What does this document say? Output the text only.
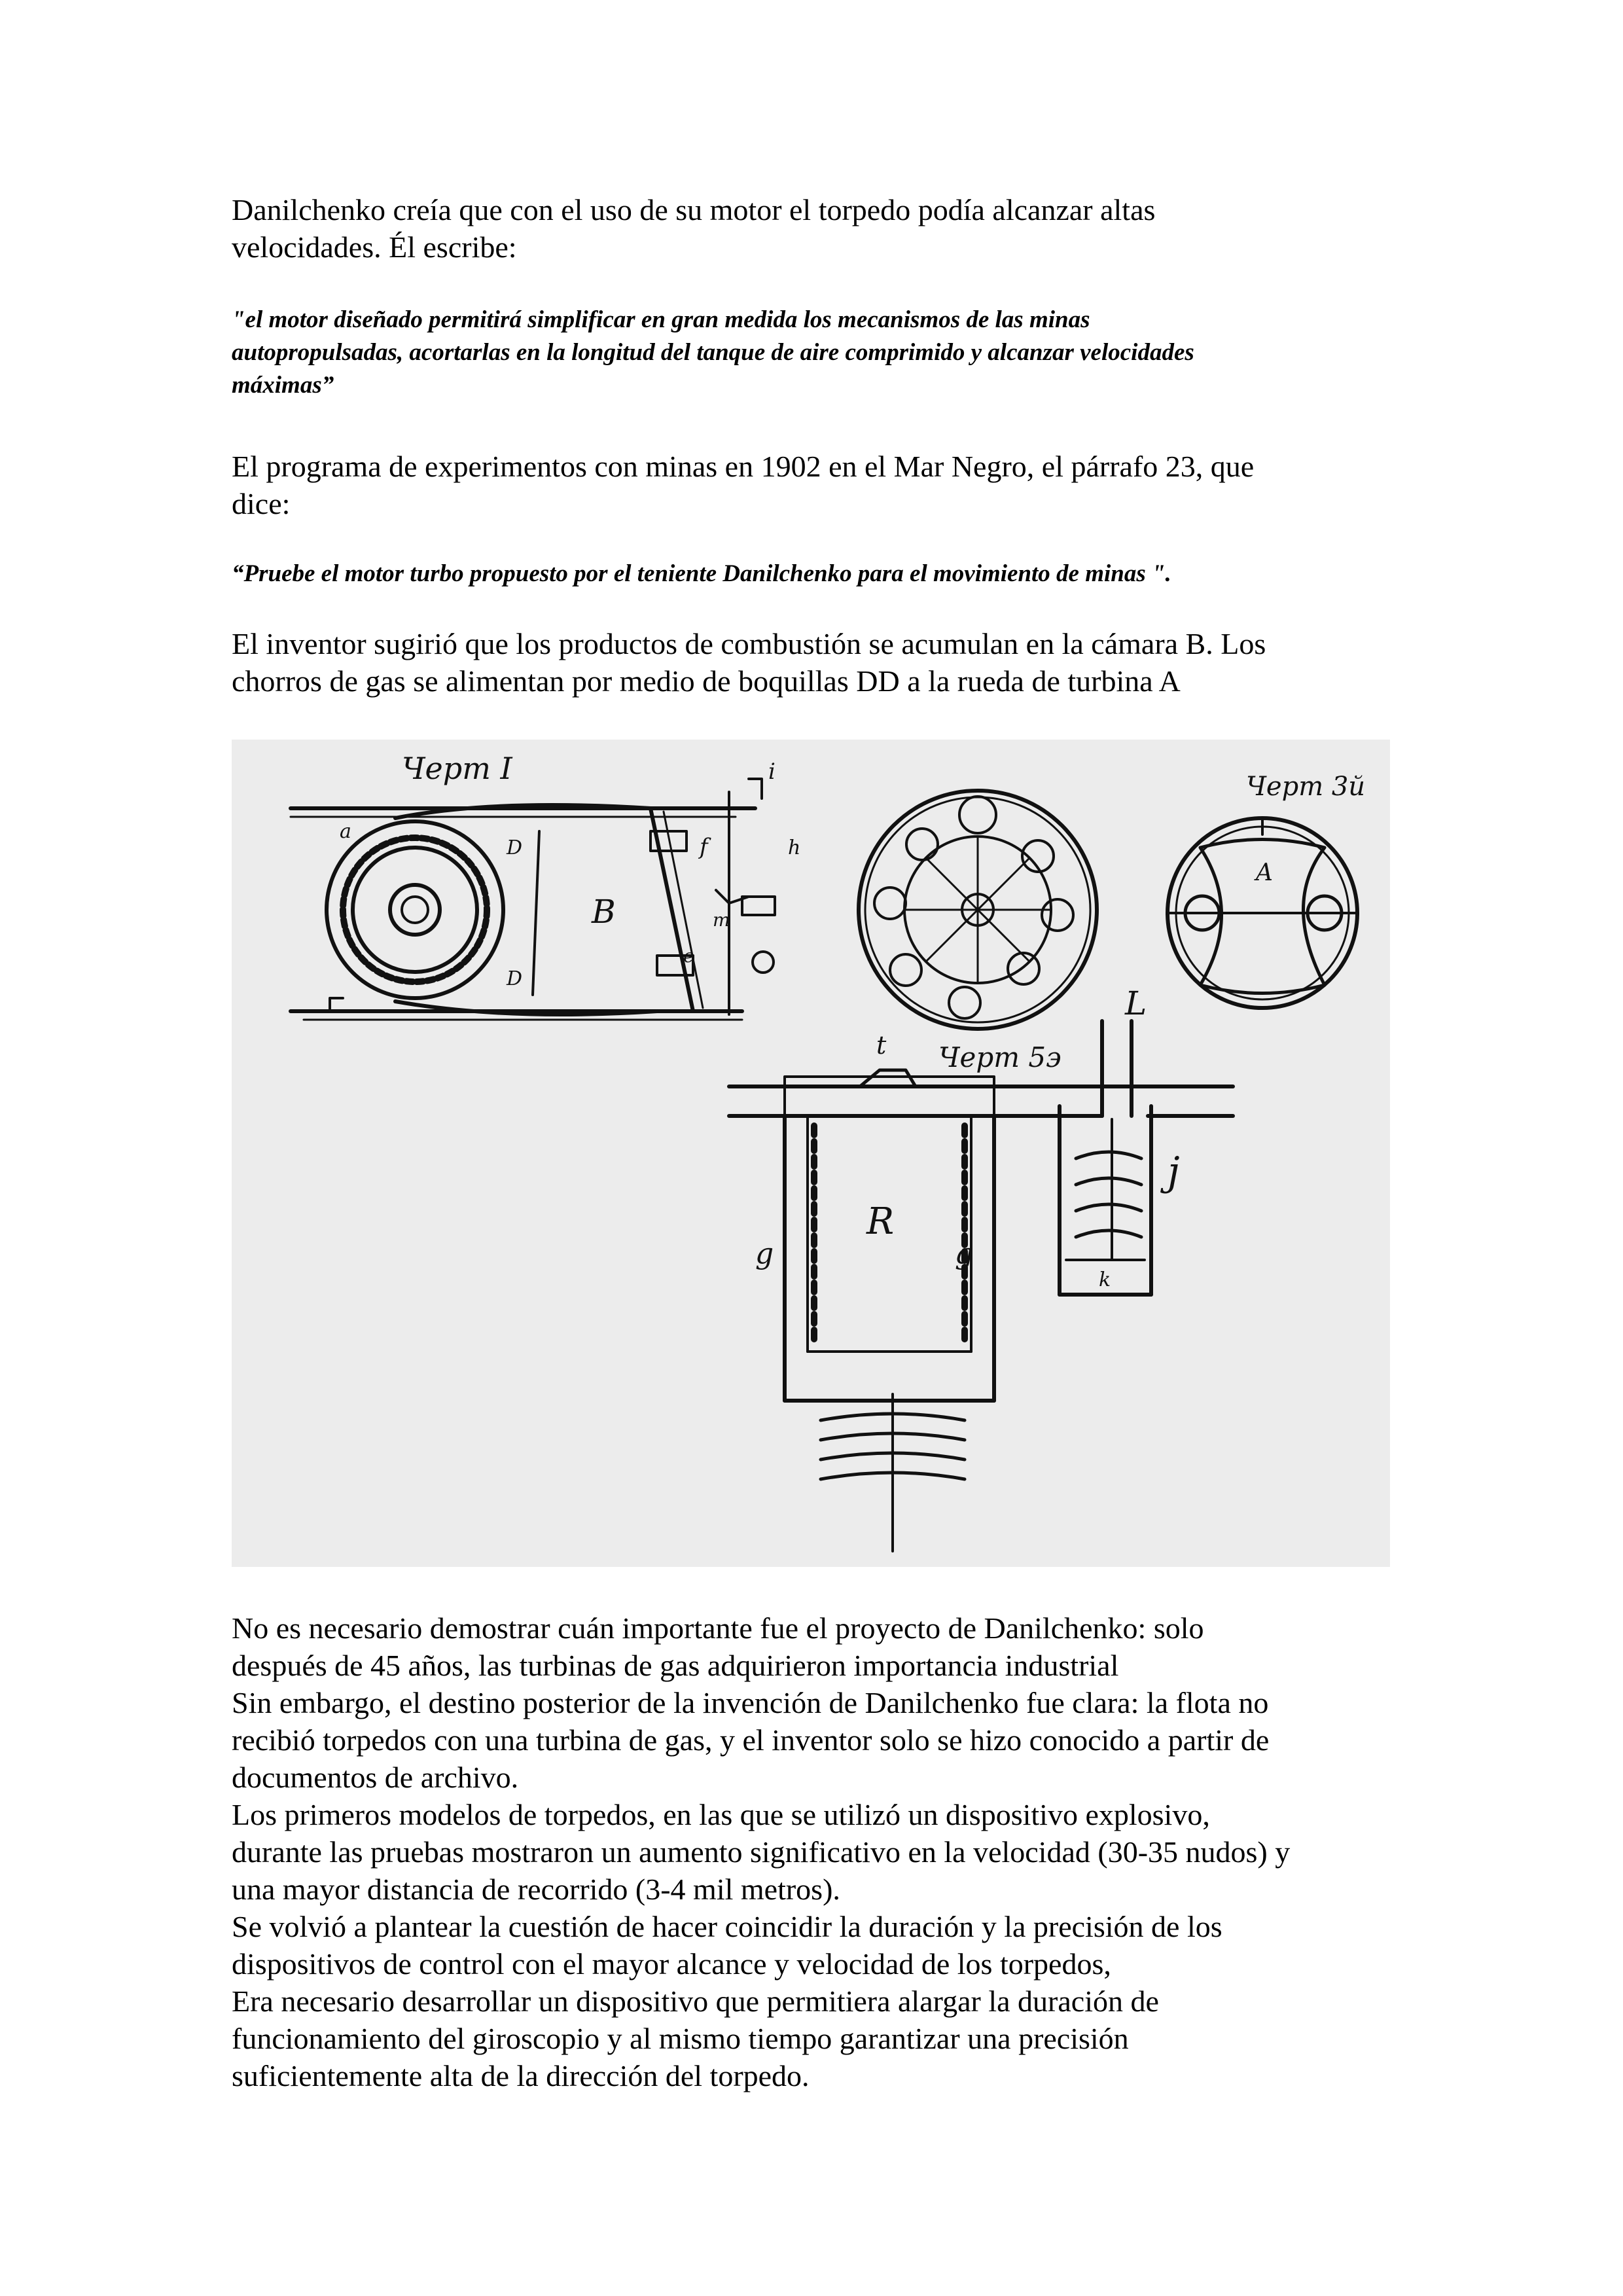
Danilchenko creía que con el uso de su motor el torpedo podía alcanzar altas
velocidades. Él escribe:
"el motor diseñado permitirá simplificar en gran medida los mecanismos de las minas
autopropulsadas, acortarlas en la longitud del tanque de aire comprimido y alcanzar velocidades
máximas”
El programa de experimentos con minas en 1902 en el Mar Negro, el párrafo 23, que
dice:
“Pruebe el motor turbo propuesto por el teniente Danilchenko para el movimiento de minas ".
El inventor sugirió que los productos de combustión se acumulan en la cámara B. Los
chorros de gas se alimentan por medio de boquillas DD a la rueda de turbina A
Черт I
Черт 3й
Черт 5э
B
A
R
t
L
j
k
g	g
i
f	h
a
D
D
e
m
No es necesario demostrar cuán importante fue el proyecto de Danilchenko: solo
después de 45 años, las turbinas de gas adquirieron importancia industrial
Sin embargo, el destino posterior de la invención de Danilchenko fue clara: la flota no
recibió torpedos con una turbina de gas, y el inventor solo se hizo conocido a partir de
documentos de archivo.
Los primeros modelos de torpedos, en las que se utilizó un dispositivo explosivo,
durante las pruebas mostraron un aumento significativo en la velocidad (30-35 nudos) y
una mayor distancia de recorrido (3-4 mil metros).
Se volvió a plantear la cuestión de hacer coincidir la duración y la precisión de los
dispositivos de control con el mayor alcance y velocidad de los torpedos,
Era necesario desarrollar un dispositivo que permitiera alargar la duración de
funcionamiento del giroscopio y al mismo tiempo garantizar una precisión
suficientemente alta de la dirección del torpedo.
